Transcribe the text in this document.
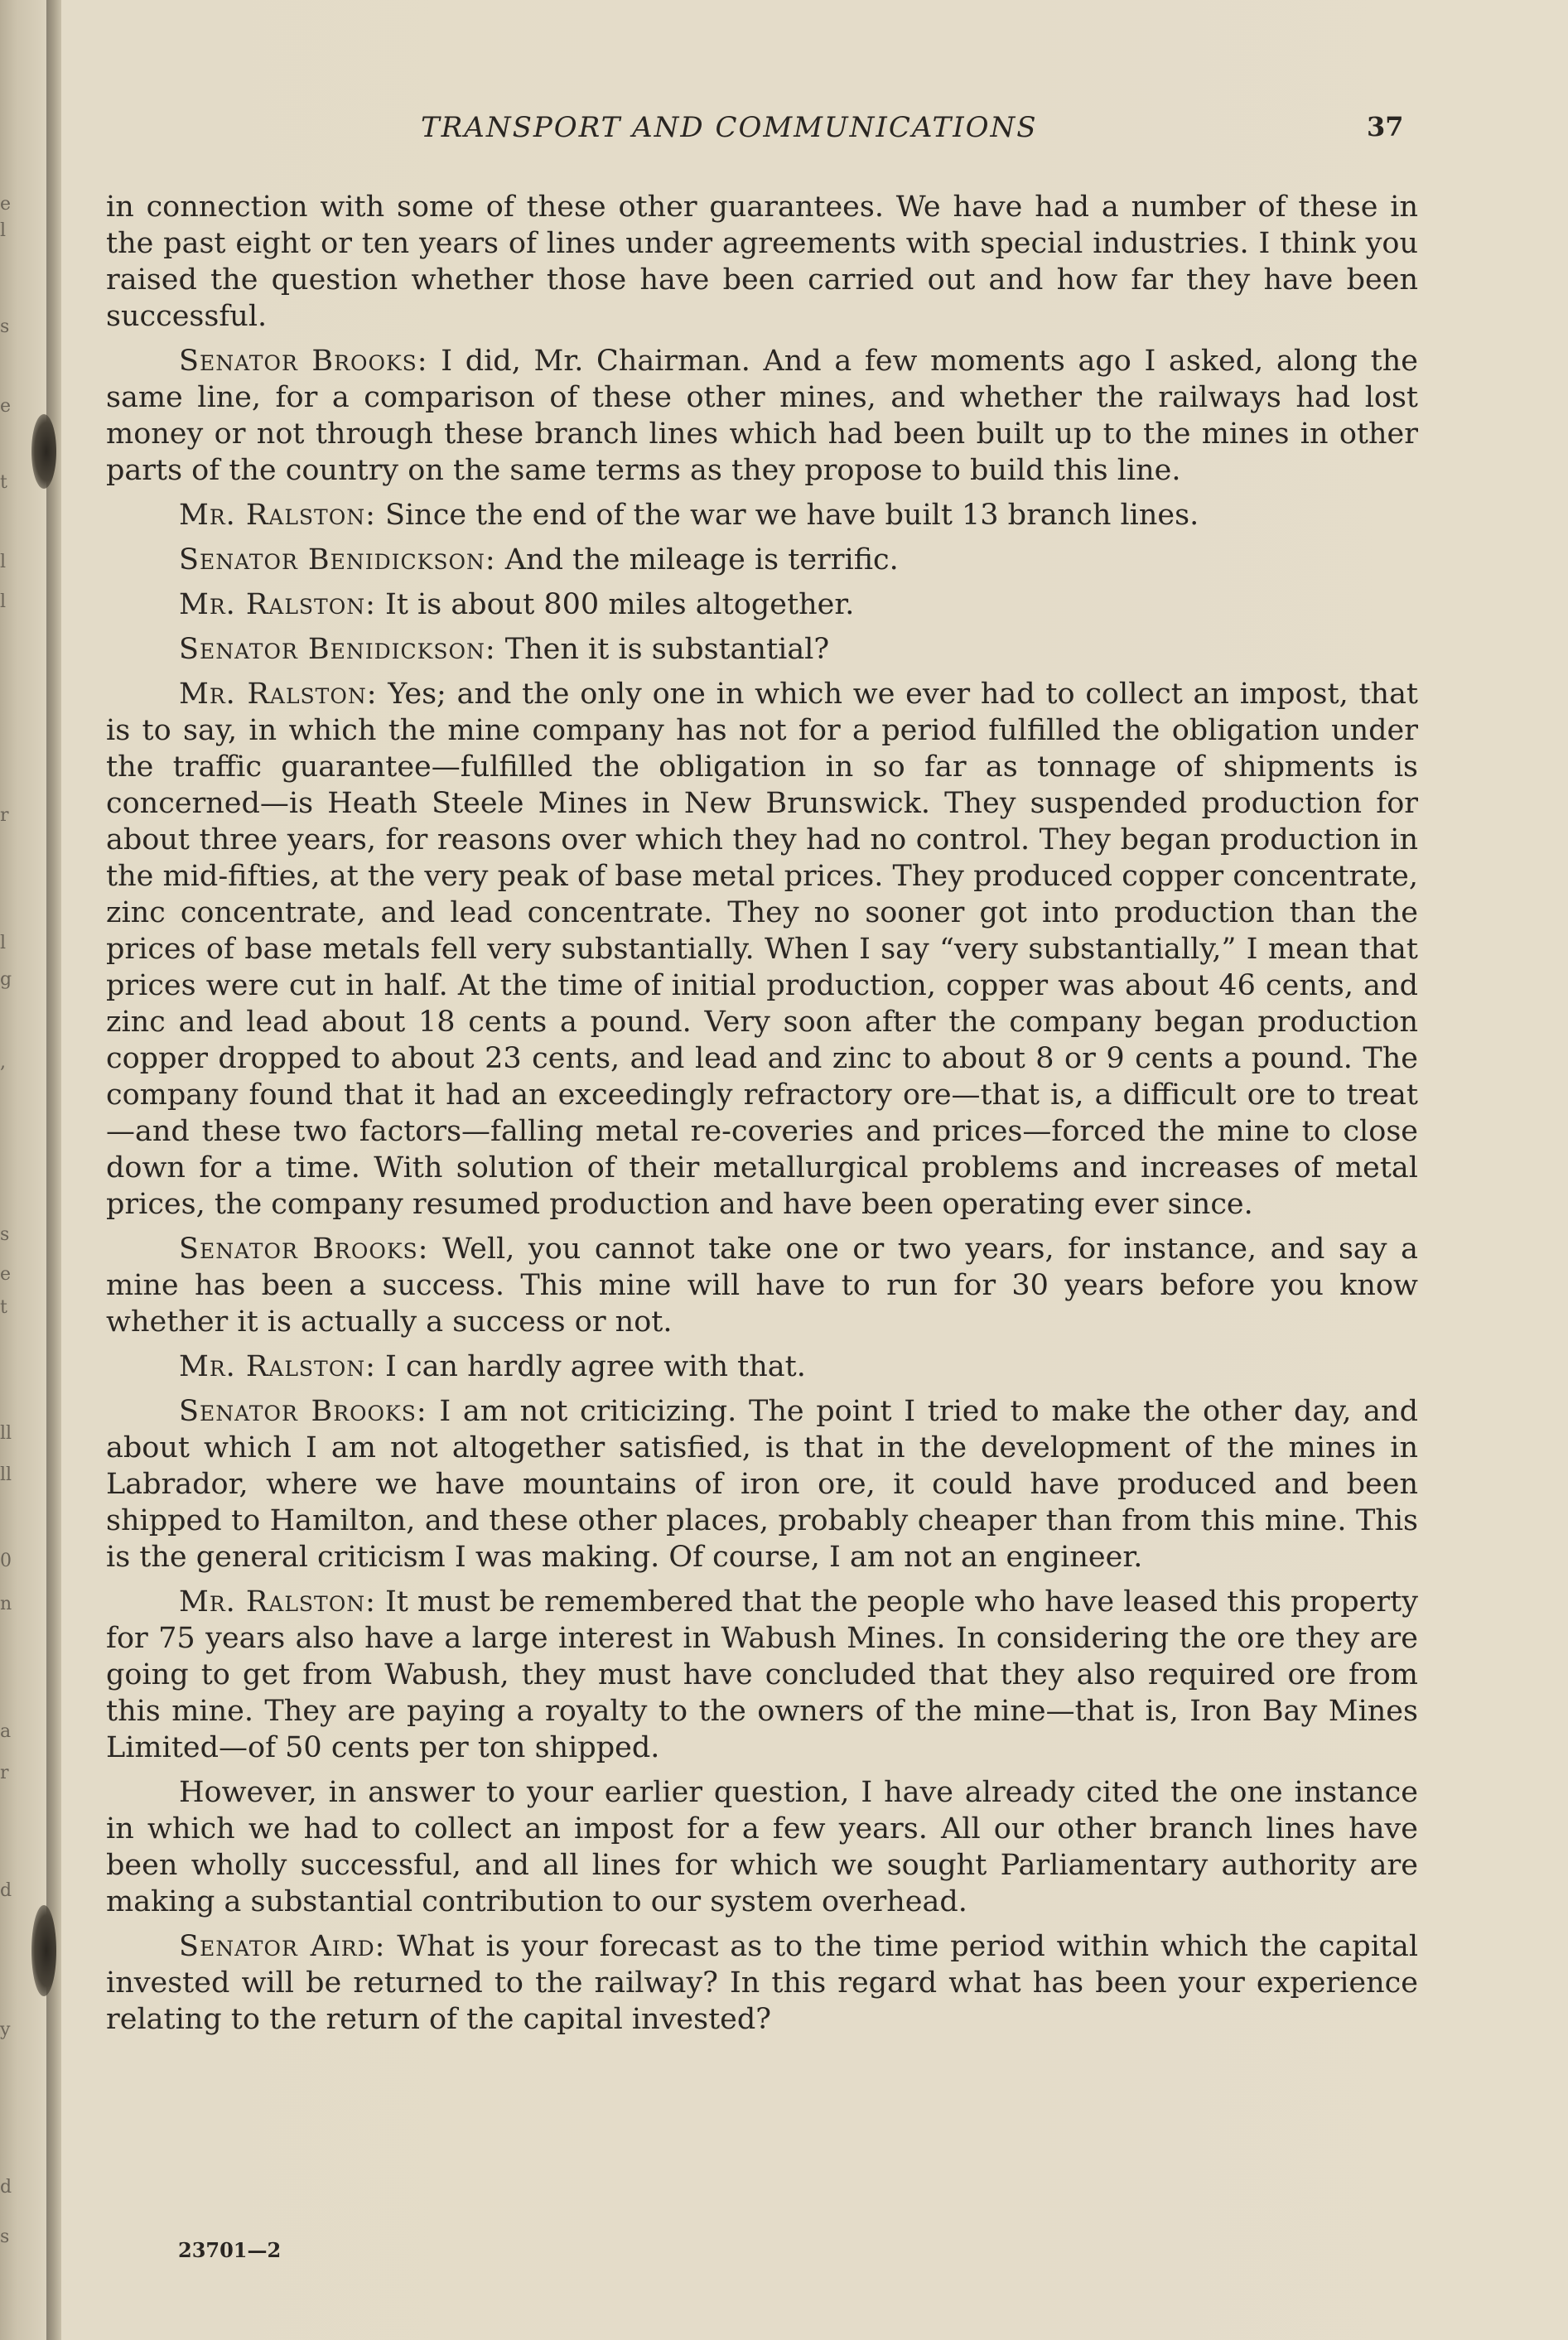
e
l
s
e
t
l
l
r
l
g
,
s
e
t
ll
ll
0
n
a
r
d
y
d
s
TRANSPORT AND COMMUNICATIONS	37

in connection with some of these other guarantees. We have had a number of these in the past eight or ten years of lines under agreements with special industries. I think you raised the question whether those have been carried out and how far they have been successful.

Senator Brooks: I did, Mr. Chairman. And a few moments ago I asked, along the same line, for a comparison of these other mines, and whether the railways had lost money or not through these branch lines which had been built up to the mines in other parts of the country on the same terms as they propose to build this line.

Mr. Ralston: Since the end of the war we have built 13 branch lines.

Senator Benidickson: And the mileage is terrific.

Mr. Ralston: It is about 800 miles altogether.

Senator Benidickson: Then it is substantial?

Mr. Ralston: Yes; and the only one in which we ever had to collect an impost, that is to say, in which the mine company has not for a period fulfilled the obligation under the traffic guarantee—fulfilled the obligation in so far as tonnage of shipments is concerned—is Heath Steele Mines in New Brunswick. They suspended production for about three years, for reasons over which they had no control. They began production in the mid-fifties, at the very peak of base metal prices. They produced copper concentrate, zinc concentrate, and lead concentrate. They no sooner got into production than the prices of base metals fell very substantially. When I say “very substantially,” I mean that prices were cut in half. At the time of initial production, copper was about 46 cents, and zinc and lead about 18 cents a pound. Very soon after the company began production copper dropped to about 23 cents, and lead and zinc to about 8 or 9 cents a pound. The company found that it had an exceedingly refractory ore—that is, a difficult ore to treat—and these two factors—falling metal re-coveries and prices—forced the mine to close down for a time. With solution of their metallurgical problems and increases of metal prices, the company resumed production and have been operating ever since.

Senator Brooks: Well, you cannot take one or two years, for instance, and say a mine has been a success. This mine will have to run for 30 years before you know whether it is actually a success or not.

Mr. Ralston: I can hardly agree with that.

Senator Brooks: I am not criticizing. The point I tried to make the other day, and about which I am not altogether satisfied, is that in the development of the mines in Labrador, where we have mountains of iron ore, it could have produced and been shipped to Hamilton, and these other places, probably cheaper than from this mine. This is the general criticism I was making. Of course, I am not an engineer.

Mr. Ralston: It must be remembered that the people who have leased this property for 75 years also have a large interest in Wabush Mines. In considering the ore they are going to get from Wabush, they must have concluded that they also required ore from this mine. They are paying a royalty to the owners of the mine—that is, Iron Bay Mines Limited—of 50 cents per ton shipped.

However, in answer to your earlier question, I have already cited the one instance in which we had to collect an impost for a few years. All our other branch lines have been wholly successful, and all lines for which we sought Parliamentary authority are making a substantial contribution to our system overhead.

Senator Aird: What is your forecast as to the time period within which the capital invested will be returned to the railway? In this regard what has been your experience relating to the return of the capital invested?

23701—2
